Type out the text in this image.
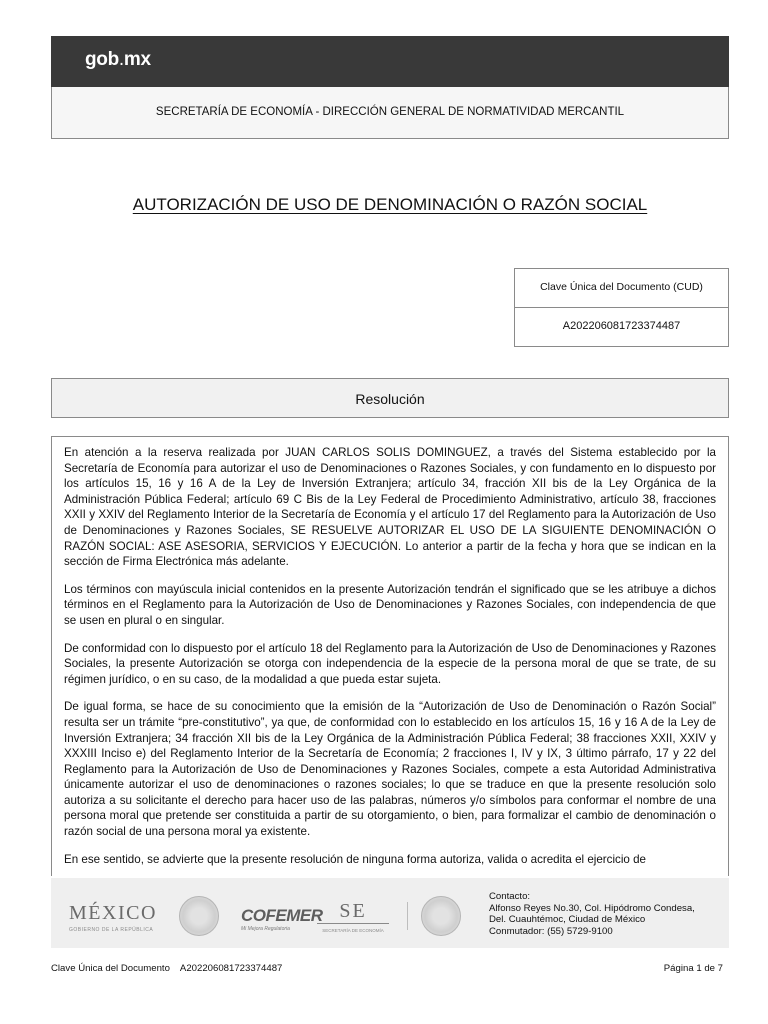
gob.mx
SECRETARÍA DE ECONOMÍA - DIRECCIÓN GENERAL DE NORMATIVIDAD MERCANTIL
AUTORIZACIÓN DE USO DE DENOMINACIÓN O RAZÓN SOCIAL
Clave Única del Documento (CUD)
A202206081723374487
Resolución

En atención a la reserva realizada por JUAN CARLOS SOLIS DOMINGUEZ, a través del Sistema establecido por la Secretaría de Economía para autorizar el uso de Denominaciones o Razones Sociales, y con fundamento en lo dispuesto por los artículos 15, 16 y 16 A de la Ley de Inversión Extranjera; artículo 34, fracción XII bis de la Ley Orgánica de la Administración Pública Federal; artículo 69 C Bis de la Ley Federal de Procedimiento Administrativo, artículo 38, fracciones XXII y XXIV del Reglamento Interior de la Secretaría de Economía y el artículo 17 del Reglamento para la Autorización de Uso de Denominaciones y Razones Sociales, SE RESUELVE AUTORIZAR EL USO DE LA SIGUIENTE DENOMINACIÓN O RAZÓN SOCIAL: ASE ASESORIA, SERVICIOS Y EJECUCIÓN. Lo anterior a partir de la fecha y hora que se indican en la sección de Firma Electrónica más adelante.

Los términos con mayúscula inicial contenidos en la presente Autorización tendrán el significado que se les atribuye a dichos términos en el Reglamento para la Autorización de Uso de Denominaciones y Razones Sociales, con independencia de que se usen en plural o en singular.

De conformidad con lo dispuesto por el artículo 18 del Reglamento para la Autorización de Uso de Denominaciones y Razones Sociales, la presente Autorización se otorga con independencia de la especie de la persona moral de que se trate, de su régimen jurídico, o en su caso, de la modalidad a que pueda estar sujeta.

De igual forma, se hace de su conocimiento que la emisión de la “Autorización de Uso de Denominación o Razón Social” resulta ser un trámite “pre-constitutivo”, ya que, de conformidad con lo establecido en los artículos 15, 16 y 16 A de la Ley de Inversión Extranjera; 34 fracción XII bis de la Ley Orgánica de la Administración Pública Federal; 38 fracciones XXII, XXIV y XXXIII Inciso e) del Reglamento Interior de la Secretaría de Economía; 2 fracciones I, IV y IX, 3 último párrafo, 17 y 22 del Reglamento para la Autorización de Uso de Denominaciones y Razones Sociales, compete a esta Autoridad Administrativa únicamente autorizar el uso de denominaciones o razones sociales; lo que se traduce en que la presente resolución solo autoriza a su solicitante el derecho para hacer uso de las palabras, números y/o símbolos para conformar el nombre de una persona moral que pretende ser constituida a partir de su otorgamiento, o bien, para formalizar el cambio de denominación o razón social de una persona moral ya existente.

En ese sentido, se advierte que la presente resolución de ninguna forma autoriza, valida o acredita el ejercicio de

MÉXICO
GOBIERNO DE LA REPÚBLICA
COFEMER
Mi Mejora Regulatoria
SE
SECRETARÍA DE ECONOMÍA
Contacto:
Alfonso Reyes No.30, Col. Hipódromo Condesa,
Del. Cuauhtémoc, Ciudad de México
Conmutador: (55) 5729-9100
Clave Única del Documento A202206081723374487	Página 1 de 7
